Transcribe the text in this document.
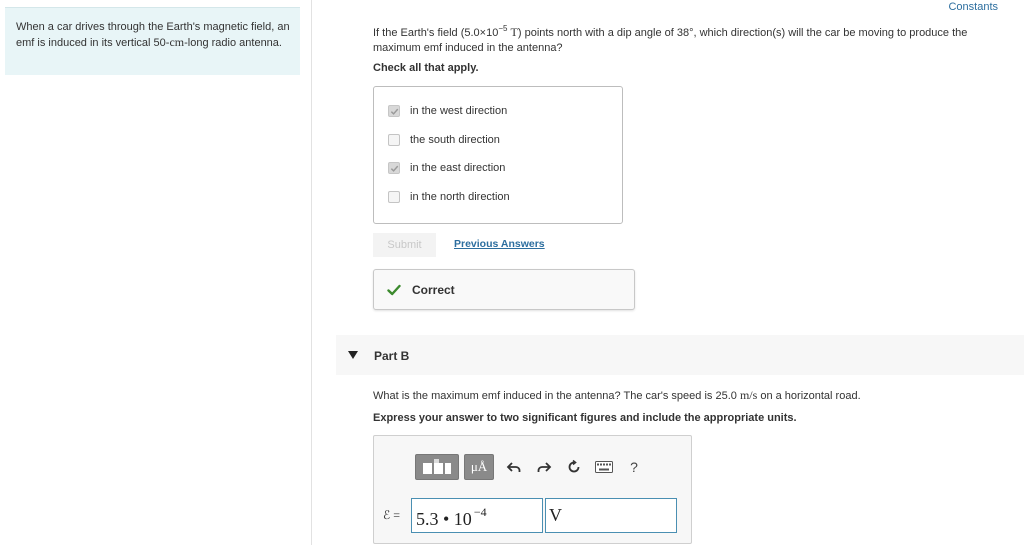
When a car drives through the Earth's magnetic field, an emf is induced in its vertical 50-cm-long radio antenna.
Constants
If the Earth's field ($5.0\times 10^{-5}$ T) points north with a dip angle of 38°, which direction(s) will the car be moving to produce the maximum emf induced in the antenna?
Check all that apply.
in the west direction
the south direction
in the east direction
in the north direction
Submit	Previous Answers
Correct
Part B
What is the maximum emf induced in the antenna? The car's speed is 25.0 m/s on a horizontal road.
Express your answer to two significant figures and include the appropriate units.
μÅ	?
ℰ = 5.3 • 10 $^{-4}$	V
